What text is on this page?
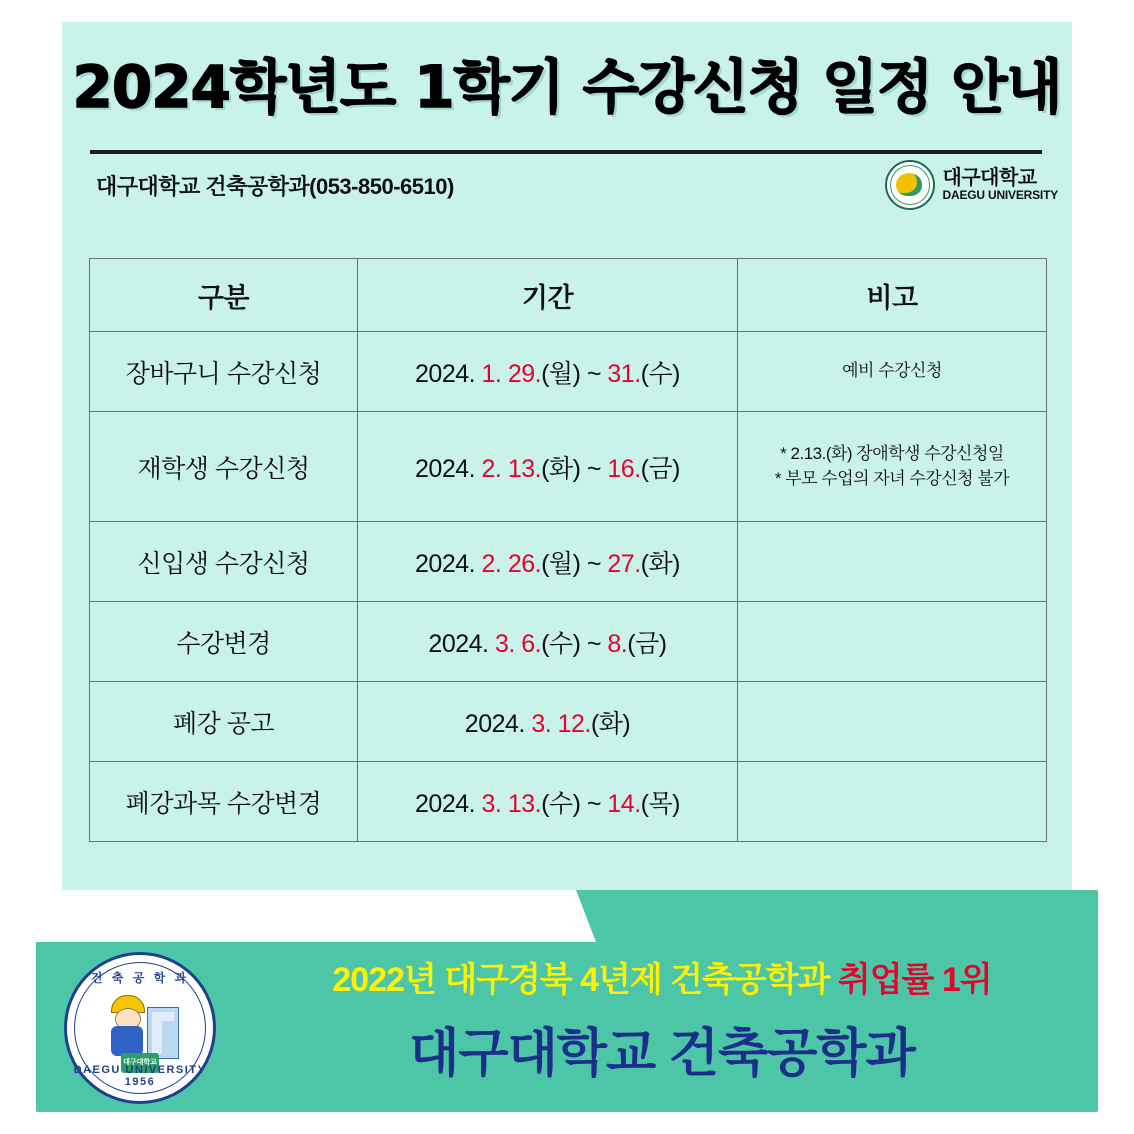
2024학년도 1학기 수강신청 일정 안내
대구대학교 건축공학과(053-850-6510)	대구대학교
DAEGU UNIVERSITY
구분	기간	비고
장바구니 수강신청	2024. 1. 29.(월) ~ 31.(수)	예비 수강신청

재학생 수강신청	2024. 2. 13.(화) ~ 16.(금)	* 2.13.(화) 장애학생 수강신청일
* 부모 수업의 자녀 수강신청 불가

신입생 수강신청	2024. 2. 26.(월) ~ 27.(화)	

수강변경	2024. 3. 6.(수) ~ 8.(금)	

폐강 공고	2024. 3. 12.(화)	

폐강과목 수강변경	2024. 3. 13.(수) ~ 14.(목)	
건 축 공 학 과
대구대학교
DAEGU UNIVERSITY 1956
2022년 대구경북 4년제 건축공학과 취업률 1위
대구대학교 건축공학과
